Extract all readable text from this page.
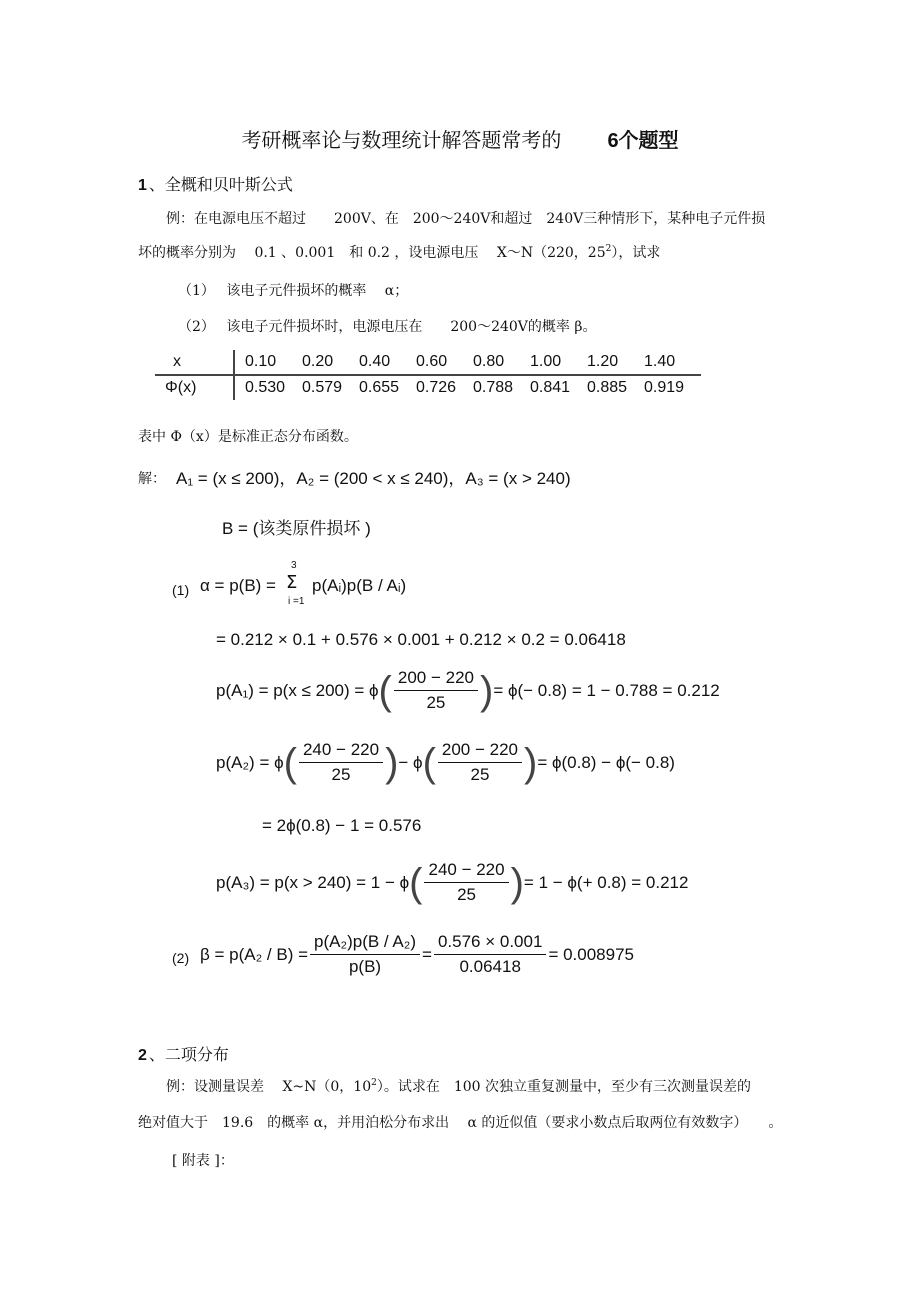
考研概率论与数理统计解答题常考的 6个题型
1 、全概和贝叶斯公式
例：在电源电压不超过　　200V、在　200～240V和超过　240V三种情形下，某种电子元件损
坏的概率分别为　 0.1 、0.001　和 0.2 ，设电源电压　 X～N（220，$25^2$），试求
（1）　 该电子元件损坏的概率　 α；
（2）　 该电子元件损坏时，电源电压在　　200～240V的概率 β。
x	0.10	0.20	0.40	0.60	0.80	1.00	1.20	1.40
Φ(x)	0.530	0.579	0.655	0.726	0.788	0.841	0.885	0.919
表中 Φ（x）是标准正态分布函数。
解： A₁ = (x ≤ 200)，A₂ = (200 < x ≤ 240)，A₃ = (x > 240)
B = (该类原件损坏 )
(1) α = p(B) =
3
Σ
i =1
p(Aᵢ)p(B / Aᵢ)
= 0.212 × 0.1 + 0.576 × 0.001 + 0.212 × 0.2 = 0.06418
p(A₁) = p(x ≤ 200) = ϕ ( $\frac{200 - 220}{25}$ ) = ϕ(− 0.8) = 1 − 0.788 = 0.212
p(A₂) = ϕ ( $\frac{240 - 220}{25}$ ) − ϕ ( $\frac{200 - 220}{25}$ ) = ϕ(0.8) − ϕ(− 0.8)
= 2ϕ(0.8) − 1 = 0.576
p(A₃) = p(x > 240) = 1 − ϕ ( $\frac{240 - 220}{25}$ ) = 1 − ϕ(+ 0.8) = 0.212
(2) $\beta = p(A_2 / B) = \frac{\text{p(A₂)p(B / A₂)}}{p(B)} = \frac{0.576 \times 0.001}{0.06418} = 0.008975$
2 、二项分布
例：设测量误差　 X~N（0，$10^2$）。试求在　100 次独立重复测量中，至少有三次测量误差的
绝对值大于　19.6　的概率 α，并用泊松分布求出　 α 的近似值（要求小数点后取两位有效数字）　　。
[ 附表 ]：
